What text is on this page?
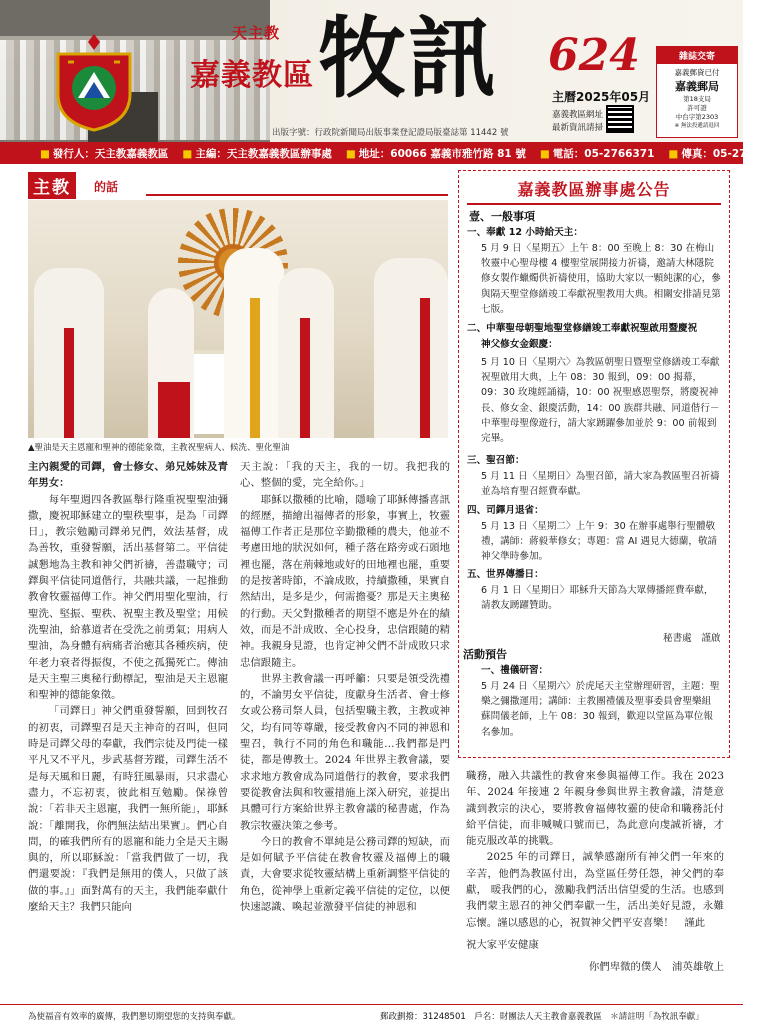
天主教
嘉義教區 牧訊 624
主曆2025年05月
嘉義教區網址
最新資訊請掃
出版字號：行政院新聞局出版事業登記證局版臺誌第 11442 號
雜誌交寄
嘉義郵資已付
嘉義郵局
第18支局
許可證
中台字第2303
※ 無法投遞請退回
■ 發行人：天主教嘉義教區 ■ 主編：天主教嘉義教區辦事處 ■ 地址：60066 嘉義市雅竹路 81 號 ■ 電話：05-2766371 ■ 傳真：05-2712885
主教	的話
▲聖油是天主恩寵和聖神的德能象徵，主教祝聖病人、候洗、聖化聖油

主內親愛的司鐸，會士修女、弟兄姊妹及青年男女：

每年聖週四各教區舉行隆重祝聖聖油彌撒，慶祝耶穌建立的聖秩聖事，是為「司鐸日」，教宗勉勵司鐸弟兄們，效法基督，成為善牧，重發誓願，活出基督第二。平信徒誠懇地為主教和神父們祈禱，善盡職守；司鐸與平信徒同道偕行，共融共議，一起推動教會牧靈福傳工作。神父們用聖化聖油，行聖洗、堅振、聖秩、祝聖主教及聖堂；用候洗聖油，給慕道者在受洗之前勇氣；用病人聖油，為身體有病痛者治癒其各種疾病，使年老力衰者得振復，不使之孤獨死亡。傳油是天主聖三奧秘行動標記，聖油是天主恩寵和聖神的德能象徵。

「司鐸日」神父們重發誓願，回到牧召的初衷，司鐸聖召是天主神奇的召叫，但同時是司鐸父母的奉獻，我們宗徒及門徒一樣平凡又不平凡，步武基督芳蹤，司鐸生活不是每天風和日麗，有時狂風暴雨，只求盡心盡力，不忘初衷，彼此相互勉勵。保祿曾說：「若非天主恩寵，我們一無所能」，耶穌說：「離開我，你們無法結出果實」。們心自問，的確我們所有的恩寵和能力全是天主賜與的，所以耶穌說：「當我們做了一切，我們還要說：『我們是無用的僕人，只做了該做的事。』」面對萬有的天主，我們能奉獻什麼給天主？我們只能向

天主說：「我的天主，我的一切。我把我的心、整個的愛，完全給你。」

耶穌以撒種的比喻，隱喻了耶穌傳播喜訊的經歷，描繪出福傳者的形象，事實上，牧靈福傳工作者正是那位辛勤撒種的農夫，他並不考慮田地的狀況如何，種子落在路旁或石頭地裡也罷，落在荊棘地或好的田地裡也罷，重要的是按著時節，不論成敗，持續撒種，果實自然結出，是多是少，何需擔憂？那是天主奧秘的行動。天父對撒種者的期望不應是外在的績效，而是不計成敗、全心投身，忠信跟隨的精神。我親身見證，也肯定神父們不計成敗只求忠信跟隨主。

世界主教會議一再呼籲：只要是領受洗禮的，不論男女平信徒，度獻身生活者、會士修女或公務司祭人員，包括聖職主教，主教或神父，均有同等尊嚴，接受教會內不同的神恩和聖召，執行不同的角色和職能…我們都是門徒，都是傳教士。2024 年世界主教會議，要求求地方教會成為同道偕行的教會，要求我們要從教會法與和牧靈措施上深入研究，並提出具體可行方案給世界主教會議的秘書處，作為教宗牧靈決策之參考。

今日的教會不單純是公務司鐸的短缺，而是如何賦予平信徒在教會牧靈及福傳上的職責，大會要求從牧靈結構上重新調整平信徒的角色，從神學上重新定義平信徒的定位，以便快速認識、喚起並激發平信徒的神恩和

職務，融入共議性的教會來參與福傳工作。我在 2023 年、2024 年接連 2 年親身參與世界主教會議，清楚意識到教宗的決心，要將教會福傳牧靈的使命和職務託付給平信徒，而非喊喊口號而已，為此意向虔誠祈禱，才能克服改革的挑戰。

2025 年的司鐸日，誠摯感謝所有神父們一年來的辛苦，他們為教區付出，為堂區任勞任怨，神父們的奉獻， 暖我們的心，激勵我們活出信望愛的生活。也感到我們蒙主恩召的神父們奉獻一生，活出美好見證，永難忘懷。謹以感恩的心，祝賀神父們平安喜樂！　謹此

祝大家平安健康

你們卑微的僕人　浦英雄敬上

嘉義教區辦事處公告
壹、一般事項
一、奉獻 12 小時給天主：
5 月 9 日〈星期五〉上午 8：00 至晚上 8：30 在梅山牧靈中心聖母樓 4 樓聖堂展開接力祈禱，邀請大林隱院修女製作蠟燭供祈禱使用，協助大家以一顆純潔的心，參與隔天聖堂修繕竣工奉獻祝聖教用大典。相關安排請見第七版。
二、中華聖母朝聖地聖堂修繕竣工奉獻祝聖啟用暨慶祝
神父修女金銀慶：
5 月 10 日〈星期六〉為教區朝聖日暨聖堂修繕竣工奉獻祝聖啟用大典，上午 08：30 報到，09：00 揭幕，09：30 玫瑰經誦禱，10：00 祝聖感恩聖祭，將慶祝神長、修女金、銀慶活動，14：00 族群共融、同道偕行－中華聖母聖像遊行，請大家踴躍參加並於 9：00 前報到完畢。
三、聖召節：
5 月 11 日〈星期日〉為聖召節，請大家為教區聖召祈禱並為培育聖召經費奉獻。
四、司鐸月退省：
5 月 13 日〈星期二〉上午 9：30 在辦事處舉行聖體敬禮，講師：蔣毅華修女；專題：當 AI 遇見大德蘭，敬請神父準時參加。
五、世界傳播日：
6 月 1 日〈星期日〉耶穌升天節為大眾傳播經費奉獻，請教友踴躍贊助。
秘書處　謹啟
活動預告
一、禮儀研習：
5 月 24 日〈星期六〉於虎尾天主堂辦理研習，主題：聖樂之彌撒運用；講師：主教團禮儀及聖事委員會聖樂組 蘇問儀老師，上午 08：30 報到，歡迎以堂區為單位報名參加。
為使福音有效率的廣傳，我們懇切期望您的支持與奉獻。	郵政劃撥：31248501　戶名：財團法人天主教會嘉義教區　＊請註明「為牧訊奉獻」
